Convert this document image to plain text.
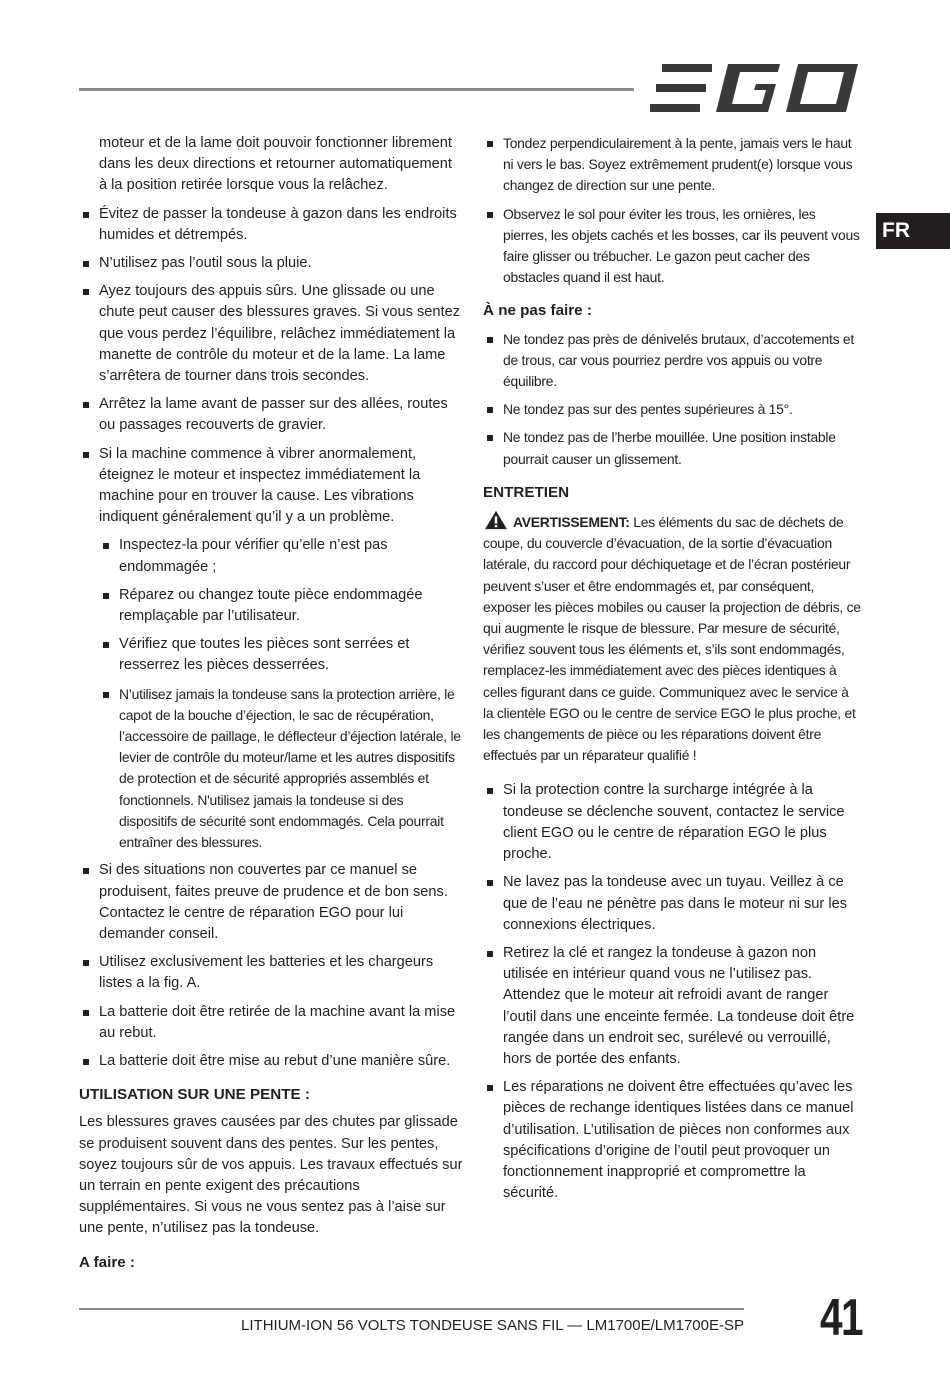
FR
moteur et de la lame doit pouvoir fonctionner librement dans les deux directions et retourner automatiquement à la position retirée lorsque vous la relâchez.
Évitez de passer la tondeuse à gazon dans les endroits humides et détrempés.
N’utilisez pas l’outil sous la pluie.
Ayez toujours des appuis sûrs. Une glissade ou une chute peut causer des blessures graves. Si vous sentez que vous perdez l’équilibre, relâchez immédiatement la manette de contrôle du moteur et de la lame. La lame s’arrêtera de tourner dans trois secondes.
Arrêtez la lame avant de passer sur des allées, routes ou passages recouverts de gravier.
Si la machine commence à vibrer anormalement, éteignez le moteur et inspectez immédiatement la machine pour en trouver la cause. Les vibrations indiquent généralement qu’il y a un problème.
Inspectez-la pour vérifier qu’elle n’est pas endommagée ;
Réparez ou changez toute pièce endommagée remplaçable par l’utilisateur.
Vérifiez que toutes les pièces sont serrées et resserrez les pièces desserrées.
N’utilisez jamais la tondeuse sans la protection arrière, le capot de la bouche d’éjection, le sac de récupération, l’accessoire de paillage, le déflecteur d’éjection latérale, le levier de contrôle du moteur/lame et les autres dispositifs de protection et de sécurité appropriés assemblés et fonctionnels. N'utilisez jamais la tondeuse si des dispositifs de sécurité sont endommagés. Cela pourrait entraîner des blessures.
Si des situations non couvertes par ce manuel se produisent, faites preuve de prudence et de bon sens. Contactez le centre de réparation EGO pour lui demander conseil.
Utilisez exclusivement les batteries et les chargeurs listes a la fig. A.
La batterie doit être retirée de la machine avant la mise au rebut.
La batterie doit être mise au rebut d’une manière sûre.
UTILISATION SUR UNE PENTE :
Les blessures graves causées par des chutes par glissade se produisent souvent dans des pentes. Sur les pentes, soyez toujours sûr de vos appuis. Les travaux effectués sur un terrain en pente exigent des précautions supplémentaires. Si vous ne vous sentez pas à l’aise sur une pente, n’utilisez pas la tondeuse.
A faire :
Tondez perpendiculairement à la pente, jamais vers le haut ni vers le bas. Soyez extrêmement prudent(e) lorsque vous changez de direction sur une pente.
Observez le sol pour éviter les trous, les ornières, les pierres, les objets cachés et les bosses, car ils peuvent vous faire glisser ou trébucher. Le gazon peut cacher des obstacles quand il est haut.
À ne pas faire :
Ne tondez pas près de dénivelés brutaux, d’accotements et de trous, car vous pourriez perdre vos appuis ou votre équilibre.
Ne tondez pas sur des pentes supérieures à 15°.
Ne tondez pas de l’herbe mouillée. Une position instable pourrait causer un glissement.
ENTRETIEN
AVERTISSEMENT: Les éléments du sac de déchets de coupe, du couvercle d’évacuation, de la sortie d’évacuation latérale, du raccord pour déchiquetage et de l’écran postérieur peuvent s’user et être endommagés et, par conséquent, exposer les pièces mobiles ou causer la projection de débris, ce qui augmente le risque de blessure. Par mesure de sécurité, vérifiez souvent tous les éléments et, s’ils sont endommagés, remplacez-les immédiatement avec des pièces identiques à celles figurant dans ce guide. Communiquez avec le service à la clientèle EGO ou le centre de service EGO le plus proche, et les changements de pièce ou les réparations doivent être effectués par un réparateur qualifié !
Si la protection contre la surcharge intégrée à la tondeuse se déclenche souvent, contactez le service client EGO ou le centre de réparation EGO le plus proche.
Ne lavez pas la tondeuse avec un tuyau. Veillez à ce que de l’eau ne pénètre pas dans le moteur ni sur les connexions électriques.
Retirez la clé et rangez la tondeuse à gazon non utilisée en intérieur quand vous ne l’utilisez pas. Attendez que le moteur ait refroidi avant de ranger l’outil dans une enceinte fermée. La tondeuse doit être rangée dans un endroit sec, surélevé ou verrouillé, hors de portée des enfants.
Les réparations ne doivent être effectuées qu’avec les pièces de rechange identiques listées dans ce manuel d’utilisation. L’utilisation de pièces non conformes aux spécifications d’origine de l’outil peut provoquer un fonctionnement inapproprié et compromettre la sécurité.
LITHIUM-ION 56 VOLTS TONDEUSE SANS FIL — LM1700E/LM1700E-SP 41
